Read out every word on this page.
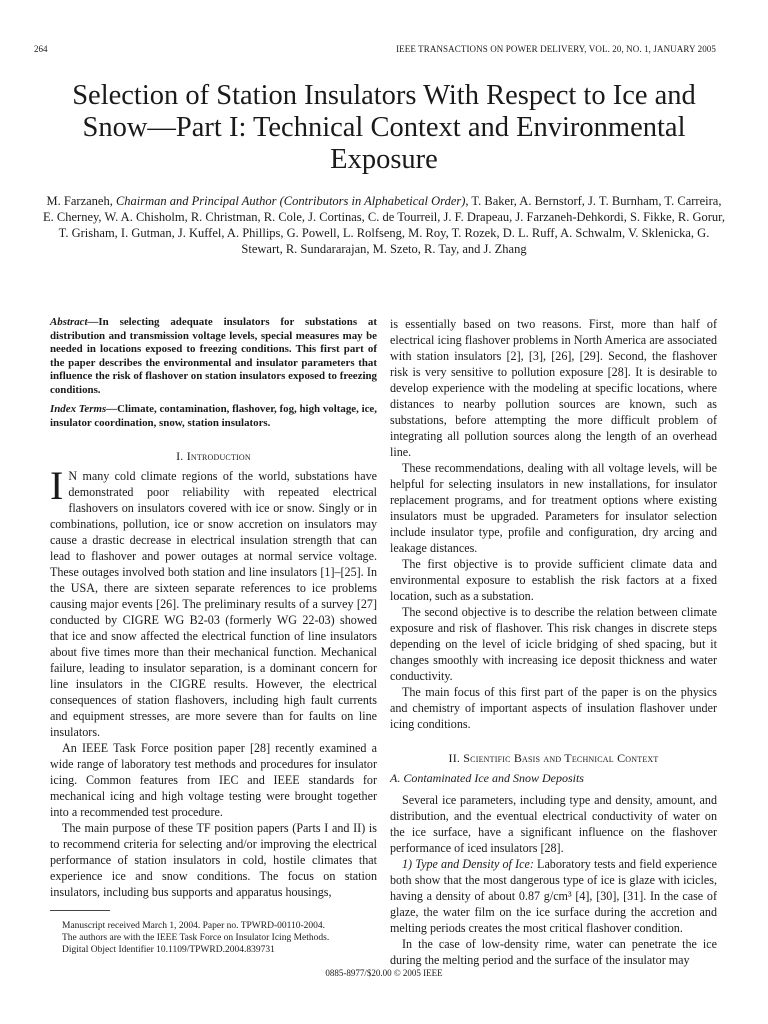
264	IEEE TRANSACTIONS ON POWER DELIVERY, VOL. 20, NO. 1, JANUARY 2005
Selection of Station Insulators With Respect to Ice and Snow—Part I: Technical Context and Environmental Exposure
M. Farzaneh, Chairman and Principal Author (Contributors in Alphabetical Order), T. Baker, A. Bernstorf, J. T. Burnham, T. Carreira, E. Cherney, W. A. Chisholm, R. Christman, R. Cole, J. Cortinas, C. de Tourreil, J. F. Drapeau, J. Farzaneh-Dehkordi, S. Fikke, R. Gorur, T. Grisham, I. Gutman, J. Kuffel, A. Phillips, G. Powell, L. Rolfseng, M. Roy, T. Rozek, D. L. Ruff, A. Schwalm, V. Sklenicka, G. Stewart, R. Sundararajan, M. Szeto, R. Tay, and J. Zhang

Abstract—In selecting adequate insulators for substations at distribution and transmission voltage levels, special measures may be needed in locations exposed to freezing conditions. This first part of the paper describes the environmental and insulator parameters that influence the risk of flashover on station insulators exposed to freezing conditions.

Index Terms—Climate, contamination, flashover, fog, high voltage, ice, insulator coordination, snow, station insulators.

I. Introduction

I N many cold climate regions of the world, substations have demonstrated poor reliability with repeated electrical flashovers on insulators covered with ice or snow. Singly or in combinations, pollution, ice or snow accretion on insulators may cause a drastic decrease in electrical insulation strength that can lead to flashover and power outages at normal service voltage. These outages involved both station and line insulators [1]–[25]. In the USA, there are sixteen separate references to ice problems causing major events [26]. The preliminary results of a survey [27] conducted by CIGRE WG B2-03 (formerly WG 22-03) showed that ice and snow affected the electrical function of line insulators about five times more than their mechanical function. Mechanical failure, leading to insulator separation, is a dominant concern for line insulators in the CIGRE results. However, the electrical consequences of station flashovers, including high fault currents and equipment stresses, are more severe than for faults on line insulators.

An IEEE Task Force position paper [28] recently examined a wide range of laboratory test methods and procedures for insulator icing. Common features from IEC and IEEE standards for mechanical icing and high voltage testing were brought together into a recommended test procedure.

The main purpose of these TF position papers (Parts I and II) is to recommend criteria for selecting and/or improving the electrical performance of station insulators in cold, hostile climates that experience ice and snow conditions. The focus on station insulators, including bus supports and apparatus housings,

is essentially based on two reasons. First, more than half of electrical icing flashover problems in North America are associated with station insulators [2], [3], [26], [29]. Second, the flashover risk is very sensitive to pollution exposure [28]. It is desirable to develop experience with the modeling at specific locations, where distances to nearby pollution sources are known, such as substations, before attempting the more difficult problem of integrating all pollution sources along the length of an overhead line.

These recommendations, dealing with all voltage levels, will be helpful for selecting insulators in new installations, for insulator replacement programs, and for treatment options where existing insulators must be upgraded. Parameters for insulator selection include insulator type, profile and configuration, dry arcing and leakage distances.

The first objective is to provide sufficient climate data and environmental exposure to establish the risk factors at a fixed location, such as a substation.

The second objective is to describe the relation between climate exposure and risk of flashover. This risk changes in discrete steps depending on the level of icicle bridging of shed spacing, but it changes smoothly with increasing ice deposit thickness and water conductivity.

The main focus of this first part of the paper is on the physics and chemistry of important aspects of insulation flashover under icing conditions.

II. Scientific Basis and Technical Context
A. Contaminated Ice and Snow Deposits

Several ice parameters, including type and density, amount, and distribution, and the eventual electrical conductivity of water on the ice surface, have a significant influence on the flashover performance of iced insulators [28].

1) Type and Density of Ice: Laboratory tests and field experience both show that the most dangerous type of ice is glaze with icicles, having a density of about 0.87 g/cm³ [4], [30], [31]. In the case of glaze, the water film on the ice surface during the accretion and melting periods creates the most critical flashover condition.

In the case of low-density rime, water can penetrate the ice during the melting period and the surface of the insulator may

Manuscript received March 1, 2004. Paper no. TPWRD-00110-2004.
The authors are with the IEEE Task Force on Insulator Icing Methods.
Digital Object Identifier 10.1109/TPWRD.2004.839731
0885-8977/$20.00 © 2005 IEEE
